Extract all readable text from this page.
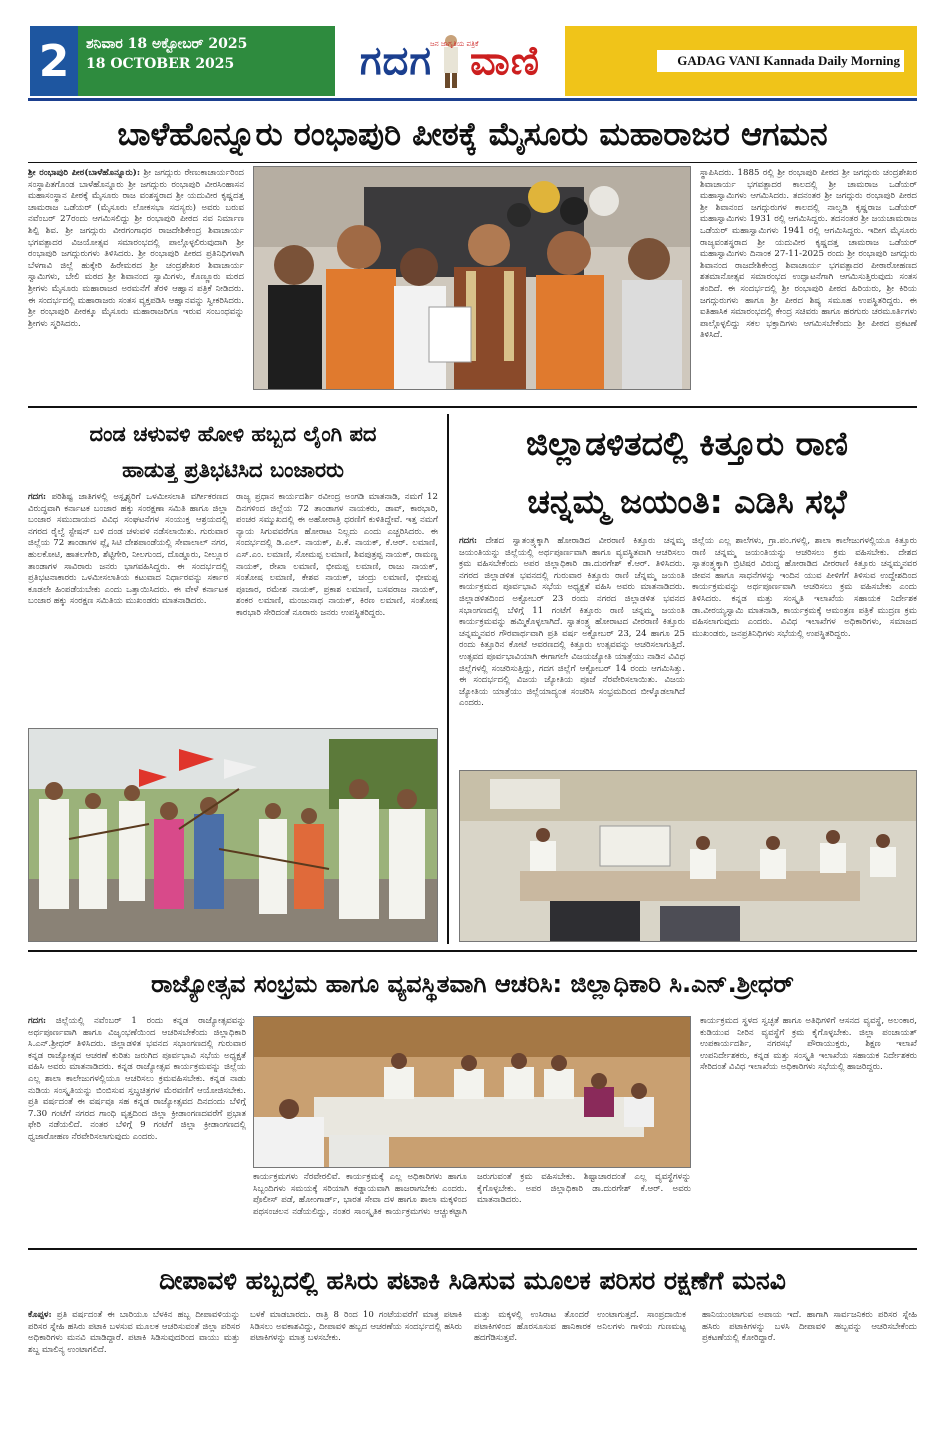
2	ಶನಿವಾರ 18 ಅಕ್ಟೋಬರ್ 2025
18 OCTOBER 2025	ಗದಗ ವಾಣಿ
ಜನ ಜಾಗೃತಿಯ ಪತ್ರಿಕೆ
GADAG VANI Kannada Daily Morning
ಬಾಳೆಹೊನ್ನೂರು ರಂಭಾಪುರಿ ಪೀಠಕ್ಕೆ ಮೈಸೂರು ಮಹಾರಾಜರ ಆಗಮನ
ಶ್ರೀ ರಂಭಾಪುರಿ ಪೀಠ(ಬಾಳೆಹೊನ್ನೂರು): ಶ್ರೀ ಜಗದ್ಗುರು ರೇಣುಕಾಚಾರ್ಯರಿಂದ ಸಂಸ್ಥಾಪಿತಗೊಂಡ ಬಾಳೆಹೊನ್ನೂರು ಶ್ರೀ ಜಗದ್ಗುರು ರಂಭಾಪುರಿ ವೀರಸಿಂಹಾಸನ ಮಹಾಸಂಸ್ಥಾನ ಪೀಠಕ್ಕೆ ಮೈಸೂರು ರಾಜ ವಂಶಸ್ಥರಾದ ಶ್ರೀ ಯದುವೀರ ಕೃಷ್ಣದತ್ತ ಚಾಮರಾಜ ಒಡೆಯರ್ (ಮೈಸೂರು ಲೋಕಸಭಾ ಸದಸ್ಯರು) ಅವರು ಬರುವ ನವೆಂಬರ್ 27ರಂದು ಆಗಮಿಸಲಿದ್ದು ಶ್ರೀ ರಂಭಾಪುರಿ ಪೀಠದ ನವ ನಿರ್ಮಾಣ ಶಿಲ್ಪಿ ಶಿವ. ಶ್ರೀ ಜಗದ್ಗುರು ವೀರಗಂಗಾಧರ ರಾಜದೇಶಿಕೇಂದ್ರ ಶಿವಾಚಾರ್ಯ ಭಗವತ್ಪಾದರ ವಿಜಯೋತ್ಸವ ಸಮಾರಂಭದಲ್ಲಿ ಪಾಲ್ಗೊಳ್ಳಲಿರುವುದಾಗಿ ಶ್ರೀ ರಂಭಾಪುರಿ ಜಗದ್ಗುರುಗಳು ತಿಳಿಸಿದರು. ಶ್ರೀ ರಂಭಾಪುರಿ ಪೀಠದ ಪ್ರತಿನಿಧಿಗಳಾಗಿ ಬೆಳಗಾವಿ ಜಿಲ್ಲೆ ಹುಕ್ಕೇರಿ ಹಿರೇಮಠದ ಶ್ರೀ ಚಂದ್ರಶೇಖರ ಶಿವಾಚಾರ್ಯ ಸ್ವಾಮಿಗಳು, ಬೇಲಿ ಮಠದ ಶ್ರೀ ಶಿವಾನಂದ ಸ್ವಾಮಿಗಳು, ಕೊಣ್ಣೂರು ಮಠದ ಶ್ರೀಗಳು ಮೈಸೂರು ಮಹಾರಾಜರ ಅರಮನೆಗೆ ತೆರಳಿ ಆಹ್ವಾನ ಪತ್ರಿಕೆ ನೀಡಿದರು. ಈ ಸಂದರ್ಭದಲ್ಲಿ ಮಹಾರಾಜರು ಸಂತಸ ವ್ಯಕ್ತಪಡಿಸಿ ಆಹ್ವಾನವನ್ನು ಸ್ವೀಕರಿಸಿದರು. ಶ್ರೀ ರಂಭಾಪುರಿ ಪೀಠಕ್ಕೂ ಮೈಸೂರು ಮಹಾರಾಜರಿಗೂ ಇರುವ ಸಂಬಂಧವನ್ನು ಶ್ರೀಗಳು ಸ್ಮರಿಸಿದರು.
ಸ್ಥಾಪಿಸಿದರು. 1885 ರಲ್ಲಿ ಶ್ರೀ ರಂಭಾಪುರಿ ಪೀಠದ ಶ್ರೀ ಜಗದ್ಗುರು ಚಂದ್ರಶೇಖರ ಶಿವಾಚಾರ್ಯ ಭಗವತ್ಪಾದರ ಕಾಲದಲ್ಲಿ ಶ್ರೀ ಚಾಮರಾಜ ಒಡೆಯರ್ ಮಹಾಸ್ವಾಮಿಗಳು ಆಗಮಿಸಿದರು. ತದನಂತರ ಶ್ರೀ ಜಗದ್ಗುರು ರಂಭಾಪುರಿ ಪೀಠದ ಶ್ರೀ ಶಿವಾನಂದ ಜಗದ್ಗುರುಗಳ ಕಾಲದಲ್ಲಿ ನಾಲ್ವಡಿ ಕೃಷ್ಣರಾಜ ಒಡೆಯರ್ ಮಹಾಸ್ವಾಮಿಗಳು 1931 ರಲ್ಲಿ ಆಗಮಿಸಿದ್ದರು. ತದನಂತರ ಶ್ರೀ ಜಯಚಾಮರಾಜ ಒಡೆಯರ್ ಮಹಾಸ್ವಾಮಿಗಳು 1941 ರಲ್ಲಿ ಆಗಮಿಸಿದ್ದರು. ಇದೀಗ ಮೈಸೂರು ರಾಜ್ಯವಂಶಸ್ಥರಾದ ಶ್ರೀ ಯದುವೀರ ಕೃಷ್ಣದತ್ತ ಚಾಮರಾಜ ಒಡೆಯರ್ ಮಹಾಸ್ವಾಮಿಗಳು ದಿನಾಂಕ 27-11-2025 ರಂದು ಶ್ರೀ ರಂಭಾಪುರಿ ಜಗದ್ಗುರು ಶಿವಾನಂದ ರಾಜದೇಶಿಕೇಂದ್ರ ಶಿವಾಚಾರ್ಯ ಭಗವತ್ಪಾದರ ಪೀಠಾರೋಹಣದ ಶತಮಾನೋತ್ಸವ ಸಮಾರಂಭದ ಉದ್ಘಾಟನೆಗಾಗಿ ಆಗಮಿಸುತ್ತಿರುವುದು ಸಂತಸ ತಂದಿದೆ. ಈ ಸಂದರ್ಭದಲ್ಲಿ ಶ್ರೀ ರಂಭಾಪುರಿ ಪೀಠದ ಹಿರಿಯರು, ಶ್ರೀ ಕಿರಿಯ ಜಗದ್ಗುರುಗಳು ಹಾಗೂ ಶ್ರೀ ಪೀಠದ ಶಿಷ್ಯ ಸಮೂಹ ಉಪಸ್ಥಿತರಿದ್ದರು. ಈ ಐತಿಹಾಸಿಕ ಸಮಾರಂಭದಲ್ಲಿ ಕೇಂದ್ರ ಸಚಿವರು ಹಾಗೂ ಹರಗುರು ಚರಮೂರ್ತಿಗಳು ಪಾಲ್ಗೊಳ್ಳಲಿದ್ದು ಸಕಲ ಭಕ್ತಾದಿಗಳು ಆಗಮಿಸಬೇಕೆಂದು ಶ್ರೀ ಪೀಠದ ಪ್ರಕಟಣೆ ತಿಳಿಸಿದೆ.
ದಂಡ ಚಳುವಳಿ ಹೋಳಿ ಹಬ್ಬದ ಲೈಂಗಿ ಪದ
ಹಾಡುತ್ತ ಪ್ರತಿಭಟಿಸಿದ ಬಂಜಾರರು
ಗದಗ: ಪರಿಶಿಷ್ಟ ಜಾತಿಗಳಲ್ಲಿ ಅಸ್ಪೃಶ್ಯರಿಗೆ ಒಳಮೀಸಲಾತಿ ವರ್ಗೀಕರಣದ ವಿರುದ್ಧವಾಗಿ ಕರ್ನಾಟಕ ಬಂಜಾರ ಹಕ್ಕು ಸಂರಕ್ಷಣಾ ಸಮಿತಿ ಹಾಗೂ ಜಿಲ್ಲಾ ಬಂಜಾರ ಸಮುದಾಯದ ವಿವಿಧ ಸಂಘಟನೆಗಳ ಸಂಯುಕ್ತ ಆಶ್ರಯದಲ್ಲಿ ನಗರದ ರೈಲ್ವೆ ಸ್ಟೇಷನ್ ಬಳಿ ದಂಡ ಚಳುವಳಿ ನಡೆಸಲಾಯಿತು. ಗುರುವಾರ ಜಿಲ್ಲೆಯ 72 ತಾಂಡಾಗಳ ಪ್ಲೈ ಸಿಟಿ ದೇಶಪಾಂಡೆಯಲ್ಲಿ ಸೇವಾಲಾಲ್ ನಗರ, ಹುಲಕೋಟಿ, ಹಾತಲಗೇರಿ, ಶೆಟ್ಟಿಗೇರಿ, ನೀಲಗುಂದ, ದೊಡ್ಡೂರು, ನೀಲ್ಲೂರ ತಾಂಡಾಗಳ ಸಾವಿರಾರು ಜನರು ಭಾಗವಹಿಸಿದ್ದರು. ಈ ಸಂದರ್ಭದಲ್ಲಿ ಪ್ರತಿಭಟನಾಕಾರರು ಒಳಮೀಸಲಾತಿಯ ಕಟುವಾದ ನಿರ್ಧಾರವನ್ನು ಸರ್ಕಾರ ಕೂಡಲೇ ಹಿಂಪಡೆಯಬೇಕು ಎಂದು ಒತ್ತಾಯಿಸಿದರು. ಈ ವೇಳೆ ಕರ್ನಾಟಕ ಬಂಜಾರ ಹಕ್ಕು ಸಂರಕ್ಷಣ ಸಮಿತಿಯ ಮುಖಂಡರು ಮಾತನಾಡಿದರು.
ರಾಜ್ಯ ಪ್ರಧಾನ ಕಾರ್ಯದರ್ಶಿ ರವೀಂದ್ರ ಅಂಗಡಿ ಮಾತನಾಡಿ, ನಮಗೆ 12 ದಿನಗಳಿಂದ ಜಿಲ್ಲೆಯ 72 ತಾಂಡಾಗಳ ನಾಯಕರು, ಡಾವ್, ಕಾರಭಾರಿ, ಪಂಚರ ಸಮ್ಮುಖದಲ್ಲಿ ಈ ಅಹೋರಾತ್ರಿ ಧರಣಿಗೆ ಕುಳಿತಿದ್ದೇವೆ. ಇತ್ತ ನಮಗೆ ನ್ಯಾಯ ಸಿಗುವವರೆಗೂ ಹೋರಾಟ ನಿಲ್ಲದು ಎಂದು ಎಚ್ಚರಿಸಿದರು. ಈ ಸಂದರ್ಭದಲ್ಲಿ ಡಿ.ಎಲ್. ನಾಯಕ್, ಪಿ.ಕೆ. ನಾಯಕ್, ಕೆ.ಆರ್. ಲಮಾಣಿ, ಎಸ್.ಎಂ. ಲಮಾಣಿ, ಸೋಮಪ್ಪ ಲಮಾಣಿ, ಶಿವಪುತ್ರಪ್ಪ ನಾಯಕ್, ರಾಮಣ್ಣ ನಾಯಕ್, ರೇಖಾ ಲಮಾಣಿ, ಭೀಮಪ್ಪ ಲಮಾಣಿ, ರಾಜು ನಾಯಕ್, ಸಂತೋಷ ಲಮಾಣಿ, ಕೇಶವ ನಾಯಕ್, ಚಂದ್ರು ಲಮಾಣಿ, ಭೀಮಪ್ಪ ಪೂಜಾರ, ರಮೇಶ ನಾಯಕ್, ಪ್ರಕಾಶ ಲಮಾಣಿ, ಬಸವರಾಜ ನಾಯಕ್, ಶಂಕರ ಲಮಾಣಿ, ಮಂಜುನಾಥ ನಾಯಕ್, ಕಿರಣ ಲಮಾಣಿ, ಸಂತೋಷ ಕಾರಭಾರಿ ಸೇರಿದಂತೆ ನೂರಾರು ಜನರು ಉಪಸ್ಥಿತರಿದ್ದರು.
ಜಿಲ್ಲಾಡಳಿತದಲ್ಲಿ ಕಿತ್ತೂರು ರಾಣಿ
ಚನ್ನಮ್ಮ ಜಯಂತಿ: ಎಡಿಸಿ ಸಭೆ
ಗದಗ: ದೇಶದ ಸ್ವಾತಂತ್ರ್ಯಕ್ಕಾಗಿ ಹೋರಾಡಿದ ವೀರರಾಣಿ ಕಿತ್ತೂರು ಚನ್ನಮ್ಮ ಜಯಂತಿಯನ್ನು ಜಿಲ್ಲೆಯಲ್ಲಿ ಅರ್ಥಪೂರ್ಣವಾಗಿ ಹಾಗೂ ವ್ಯವಸ್ಥಿತವಾಗಿ ಆಚರಿಸಲು ಕ್ರಮ ವಹಿಸಬೇಕೆಂದು ಅಪರ ಜಿಲ್ಲಾಧಿಕಾರಿ ಡಾ.ದುರಗೇಶ್ ಕೆ.ಆರ್. ತಿಳಿಸಿದರು. ನಗರದ ಜಿಲ್ಲಾಡಳಿತ ಭವನದಲ್ಲಿ ಗುರುವಾರ ಕಿತ್ತೂರು ರಾಣಿ ಚೆನ್ನಮ್ಮ ಜಯಂತಿ ಕಾರ್ಯಕ್ರಮದ ಪೂರ್ವಭಾವಿ ಸಭೆಯ ಅಧ್ಯಕ್ಷತೆ ವಹಿಸಿ ಅವರು ಮಾತನಾಡಿದರು. ಜಿಲ್ಲಾಡಳಿತದಿಂದ ಅಕ್ಟೋಬರ್ 23 ರಂದು ನಗರದ ಜಿಲ್ಲಾಡಳಿತ ಭವನದ ಸಭಾಂಗಣದಲ್ಲಿ ಬೆಳಿಗ್ಗೆ 11 ಗಂಟೆಗೆ ಕಿತ್ತೂರು ರಾಣಿ ಚನ್ನಮ್ಮ ಜಯಂತಿ ಕಾರ್ಯಕ್ರಮವನ್ನು ಹಮ್ಮಿಕೊಳ್ಳಲಾಗಿದೆ. ಸ್ವಾತಂತ್ರ್ಯ ಹೋರಾಟದ ವೀರರಾಣಿ ಕಿತ್ತೂರು ಚನ್ನಮ್ಮನವರ ಗೌರವಾರ್ಥವಾಗಿ ಪ್ರತಿ ವರ್ಷ ಅಕ್ಟೋಬರ್ 23, 24 ಹಾಗೂ 25 ರಂದು ಕಿತ್ತೂರಿನ ಕೋಟೆ ಆವರಣದಲ್ಲಿ ಕಿತ್ತೂರು ಉತ್ಸವವನ್ನು ಆಚರಿಸಲಾಗುತ್ತಿದೆ. ಉತ್ಸವದ ಪೂರ್ವಭಾವಿಯಾಗಿ ಈಗಾಗಲೇ ವಿಜಯಜ್ಯೋತಿ ಯಾತ್ರೆಯು ನಾಡಿನ ವಿವಿಧ ಜಿಲ್ಲೆಗಳಲ್ಲಿ ಸಂಚರಿಸುತ್ತಿದ್ದು, ಗದಗ ಜಿಲ್ಲೆಗೆ ಆಕ್ಟೋಬರ್ 14 ರಂದು ಆಗಮಿಸಿತ್ತು. ಈ ಸಂದರ್ಭದಲ್ಲಿ ವಿಜಯ ಜ್ಯೋತಿಯ ಪೂಜೆ ನೆರವೇರಿಸಲಾಯಿತು. ವಿಜಯ ಜ್ಯೋತಿಯ ಯಾತ್ರೆಯು ಜಿಲ್ಲೆಯಾದ್ಯಂತ ಸಂಚರಿಸಿ ಸಂಭ್ರಮದಿಂದ ಬೀಳ್ಕೊಡಲಾಗಿದೆ ಎಂದರು.
ಜಿಲ್ಲೆಯ ಎಲ್ಲ ಶಾಲೆಗಳು, ಗ್ರಾ.ಪಂ.ಗಳಲ್ಲಿ, ಶಾಲಾ ಕಾಲೇಜುಗಳಲ್ಲಿಯೂ ಕಿತ್ತೂರು ರಾಣಿ ಚನ್ನಮ್ಮ ಜಯಂತಿಯನ್ನು ಆಚರಿಸಲು ಕ್ರಮ ವಹಿಸಬೇಕು. ದೇಶದ ಸ್ವಾತಂತ್ರ್ಯಕ್ಕಾಗಿ ಬ್ರಿಟಿಷರ ವಿರುದ್ಧ ಹೋರಾಡಿದ ವೀರರಾಣಿ ಕಿತ್ತೂರು ಚನ್ನಮ್ಮನವರ ಜೀವನ ಹಾಗೂ ಸಾಧನೆಗಳನ್ನು ಇಂದಿನ ಯುವ ಪೀಳಿಗೆಗೆ ತಿಳಿಸುವ ಉದ್ದೇಶದಿಂದ ಕಾರ್ಯಕ್ರಮವನ್ನು ಅರ್ಥಪೂರ್ಣವಾಗಿ ಆಚರಿಸಲು ಕ್ರಮ ವಹಿಸಬೇಕು ಎಂದು ತಿಳಿಸಿದರು. ಕನ್ನಡ ಮತ್ತು ಸಂಸ್ಕೃತಿ ಇಲಾಖೆಯ ಸಹಾಯಕ ನಿರ್ದೇಶಕ ಡಾ.ವೀರಯ್ಯಸ್ವಾಮಿ ಮಾತನಾಡಿ, ಕಾರ್ಯಕ್ರಮಕ್ಕೆ ಆಮಂತ್ರಣ ಪತ್ರಿಕೆ ಮುದ್ರಣ ಕ್ರಮ ವಹಿಸಲಾಗುವುದು ಎಂದರು. ವಿವಿಧ ಇಲಾಖೆಗಳ ಅಧಿಕಾರಿಗಳು, ಸಮಾಜದ ಮುಖಂಡರು, ಜನಪ್ರತಿನಿಧಿಗಳು ಸಭೆಯಲ್ಲಿ ಉಪಸ್ಥಿತರಿದ್ದರು.
ರಾಜ್ಯೋತ್ಸವ ಸಂಭ್ರಮ ಹಾಗೂ ವ್ಯವಸ್ಥಿತವಾಗಿ ಆಚರಿಸಿ: ಜಿಲ್ಲಾಧಿಕಾರಿ ಸಿ.ಎನ್.ಶ್ರೀಧರ್
ಗದಗ: ಜಿಲ್ಲೆಯಲ್ಲಿ ನವೆಂಬರ್ 1 ರಂದು ಕನ್ನಡ ರಾಜ್ಯೋತ್ಸವವನ್ನು ಅರ್ಥಪೂರ್ಣವಾಗಿ ಹಾಗೂ ವಿಜೃಂಭಣೆಯಿಂದ ಆಚರಿಸಬೇಕೆಂದು ಜಿಲ್ಲಾಧಿಕಾರಿ ಸಿ.ಎನ್.ಶ್ರೀಧರ್ ತಿಳಿಸಿದರು. ಜಿಲ್ಲಾಡಳಿತ ಭವನದ ಸಭಾಂಗಣದಲ್ಲಿ ಗುರುವಾರ ಕನ್ನಡ ರಾಜ್ಯೋತ್ಸವ ಆಚರಣೆ ಕುರಿತು ಜರುಗಿದ ಪೂರ್ವಭಾವಿ ಸಭೆಯ ಅಧ್ಯಕ್ಷತೆ ವಹಿಸಿ ಅವರು ಮಾತನಾಡಿದರು. ಕನ್ನಡ ರಾಜ್ಯೋತ್ಸವ ಕಾರ್ಯಕ್ರಮವನ್ನು ಜಿಲ್ಲೆಯ ಎಲ್ಲ ಶಾಲಾ ಕಾಲೇಜುಗಳಲ್ಲಿಯೂ ಆಚರಿಸಲು ಕ್ರಮವಹಿಸಬೇಕು. ಕನ್ನಡ ನಾಡು ನುಡಿಯ ಸಂಸ್ಕೃತಿಯನ್ನು ಬಿಂಬಿಸುವ ಸ್ತಬ್ಧಚಿತ್ರಗಳ ಮೆರವಣಿಗೆ ಆಯೋಜಿಸಬೇಕು. ಪ್ರತಿ ವರ್ಷದಂತೆ ಈ ವರ್ಷವೂ ಸಹ ಕನ್ನಡ ರಾಜ್ಯೋತ್ಸವದ ದಿನದಂದು ಬೆಳಿಗ್ಗೆ 7.30 ಗಂಟೆಗೆ ನಗರದ ಗಾಂಧಿ ವೃತ್ತದಿಂದ ಜಿಲ್ಲಾ ಕ್ರೀಡಾಂಗಣದವರೆಗೆ ಪ್ರಭಾತ ಫೇರಿ ನಡೆಯಲಿದೆ. ನಂತರ ಬೆಳಿಗ್ಗೆ 9 ಗಂಟೆಗೆ ಜಿಲ್ಲಾ ಕ್ರೀಡಾಂಗಣದಲ್ಲಿ ಧ್ವಜಾರೋಹಣ ನೆರವೇರಿಸಲಾಗುವುದು ಎಂದರು.
ಕಾರ್ಯಕ್ರಮಗಳು ನೆರವೇರಲಿವೆ. ಕಾರ್ಯಕ್ರಮಕ್ಕೆ ಎಲ್ಲ ಅಧಿಕಾರಿಗಳು ಹಾಗೂ ಸಿಬ್ಬಂದಿಗಳು ಸಮಯಕ್ಕೆ ಸರಿಯಾಗಿ ಕಡ್ಡಾಯವಾಗಿ ಹಾಜರಾಗಬೇಕು ಎಂದರು. ಪೊಲೀಸ್ ಪಡೆ, ಹೋಂಗಾರ್ಡ್, ಭಾರತ ಸೇವಾ ದಳ ಹಾಗೂ ಶಾಲಾ ಮಕ್ಕಳಿಂದ ಪಥಸಂಚಲನ ನಡೆಯಲಿದ್ದು, ನಂತರ ಸಾಂಸ್ಕೃತಿಕ ಕಾರ್ಯಕ್ರಮಗಳು ಆಚ್ಚುಕಟ್ಟಾಗಿ ಜರುಗುವಂತೆ ಕ್ರಮ ವಹಿಸಬೇಕು. ಶಿಷ್ಟಾಚಾರದಂತೆ ಎಲ್ಲ ವ್ಯವಸ್ಥೆಗಳನ್ನು ಕೈಗೊಳ್ಳಬೇಕು. ಅಪರ ಜಿಲ್ಲಾಧಿಕಾರಿ ಡಾ.ದುರಗೇಶ್ ಕೆ.ಆರ್. ಅವರು ಮಾತನಾಡಿದರು.
ಕಾರ್ಯಕ್ರಮದ ಸ್ಥಳದ ಸ್ವಚ್ಛತೆ ಹಾಗೂ ಅತಿಥಿಗಳಿಗೆ ಆಸನದ ವ್ಯವಸ್ಥೆ, ಅಲಂಕಾರ, ಕುಡಿಯುವ ನೀರಿನ ವ್ಯವಸ್ಥೆಗೆ ಕ್ರಮ ಕೈಗೊಳ್ಳಬೇಕು. ಜಿಲ್ಲಾ ಪಂಚಾಯತ್ ಉಪಕಾರ್ಯದರ್ಶಿ, ನಗರಸಭೆ ಪೌರಾಯುಕ್ತರು, ಶಿಕ್ಷಣ ಇಲಾಖೆ ಉಪನಿರ್ದೇಶಕರು, ಕನ್ನಡ ಮತ್ತು ಸಂಸ್ಕೃತಿ ಇಲಾಖೆಯ ಸಹಾಯಕ ನಿರ್ದೇಶಕರು ಸೇರಿದಂತೆ ವಿವಿಧ ಇಲಾಖೆಯ ಅಧಿಕಾರಿಗಳು ಸಭೆಯಲ್ಲಿ ಹಾಜರಿದ್ದರು.
ದೀಪಾವಳಿ ಹಬ್ಬದಲ್ಲಿ ಹಸಿರು ಪಟಾಕಿ ಸಿಡಿಸುವ ಮೂಲಕ ಪರಿಸರ ರಕ್ಷಣೆಗೆ ಮನವಿ
ಕೊಪ್ಪಳ: ಪ್ರತಿ ವರ್ಷದಂತೆ ಈ ಬಾರಿಯೂ ಬೆಳಕಿನ ಹಬ್ಬ ದೀಪಾವಳಿಯನ್ನು ಪರಿಸರ ಸ್ನೇಹಿ ಹಸಿರು ಪಟಾಕಿ ಬಳಸುವ ಮೂಲಕ ಆಚರಿಸುವಂತೆ ಜಿಲ್ಲಾ ಪರಿಸರ ಅಧಿಕಾರಿಗಳು ಮನವಿ ಮಾಡಿದ್ದಾರೆ. ಪಟಾಕಿ ಸಿಡಿಸುವುದರಿಂದ ವಾಯು ಮತ್ತು ಶಬ್ದ ಮಾಲಿನ್ಯ ಉಂಟಾಗಲಿದೆ.
ಬಳಕೆ ಮಾಡಬಾರದು. ರಾತ್ರಿ 8 ರಿಂದ 10 ಗಂಟೆಯವರೆಗೆ ಮಾತ್ರ ಪಟಾಕಿ ಸಿಡಿಸಲು ಅವಕಾಶವಿದ್ದು, ದೀಪಾವಳಿ ಹಬ್ಬದ ಆಚರಣೆಯ ಸಂದರ್ಭದಲ್ಲಿ ಹಸಿರು ಪಟಾಕಿಗಳನ್ನು ಮಾತ್ರ ಬಳಸಬೇಕು.
ಮತ್ತು ಮಕ್ಕಳಲ್ಲಿ ಉಸಿರಾಟ ತೊಂದರೆ ಉಂಟಾಗುತ್ತದೆ. ಸಾಂಪ್ರದಾಯಿಕ ಪಟಾಕಿಗಳಿಂದ ಹೊರಸೂಸುವ ಹಾನಿಕಾರಕ ಅನಿಲಗಳು ಗಾಳಿಯ ಗುಣಮಟ್ಟ ಹದಗೆಡಿಸುತ್ತವೆ.
ಹಾನಿಯುಂಟಾಗುವ ಅಪಾಯ ಇದೆ. ಹಾಗಾಗಿ ಸಾರ್ವಜನಿಕರು ಪರಿಸರ ಸ್ನೇಹಿ ಹಸಿರು ಪಟಾಕಿಗಳನ್ನು ಬಳಸಿ ದೀಪಾವಳಿ ಹಬ್ಬವನ್ನು ಆಚರಿಸಬೇಕೆಂದು ಪ್ರಕಟಣೆಯಲ್ಲಿ ಕೋರಿದ್ದಾರೆ.
